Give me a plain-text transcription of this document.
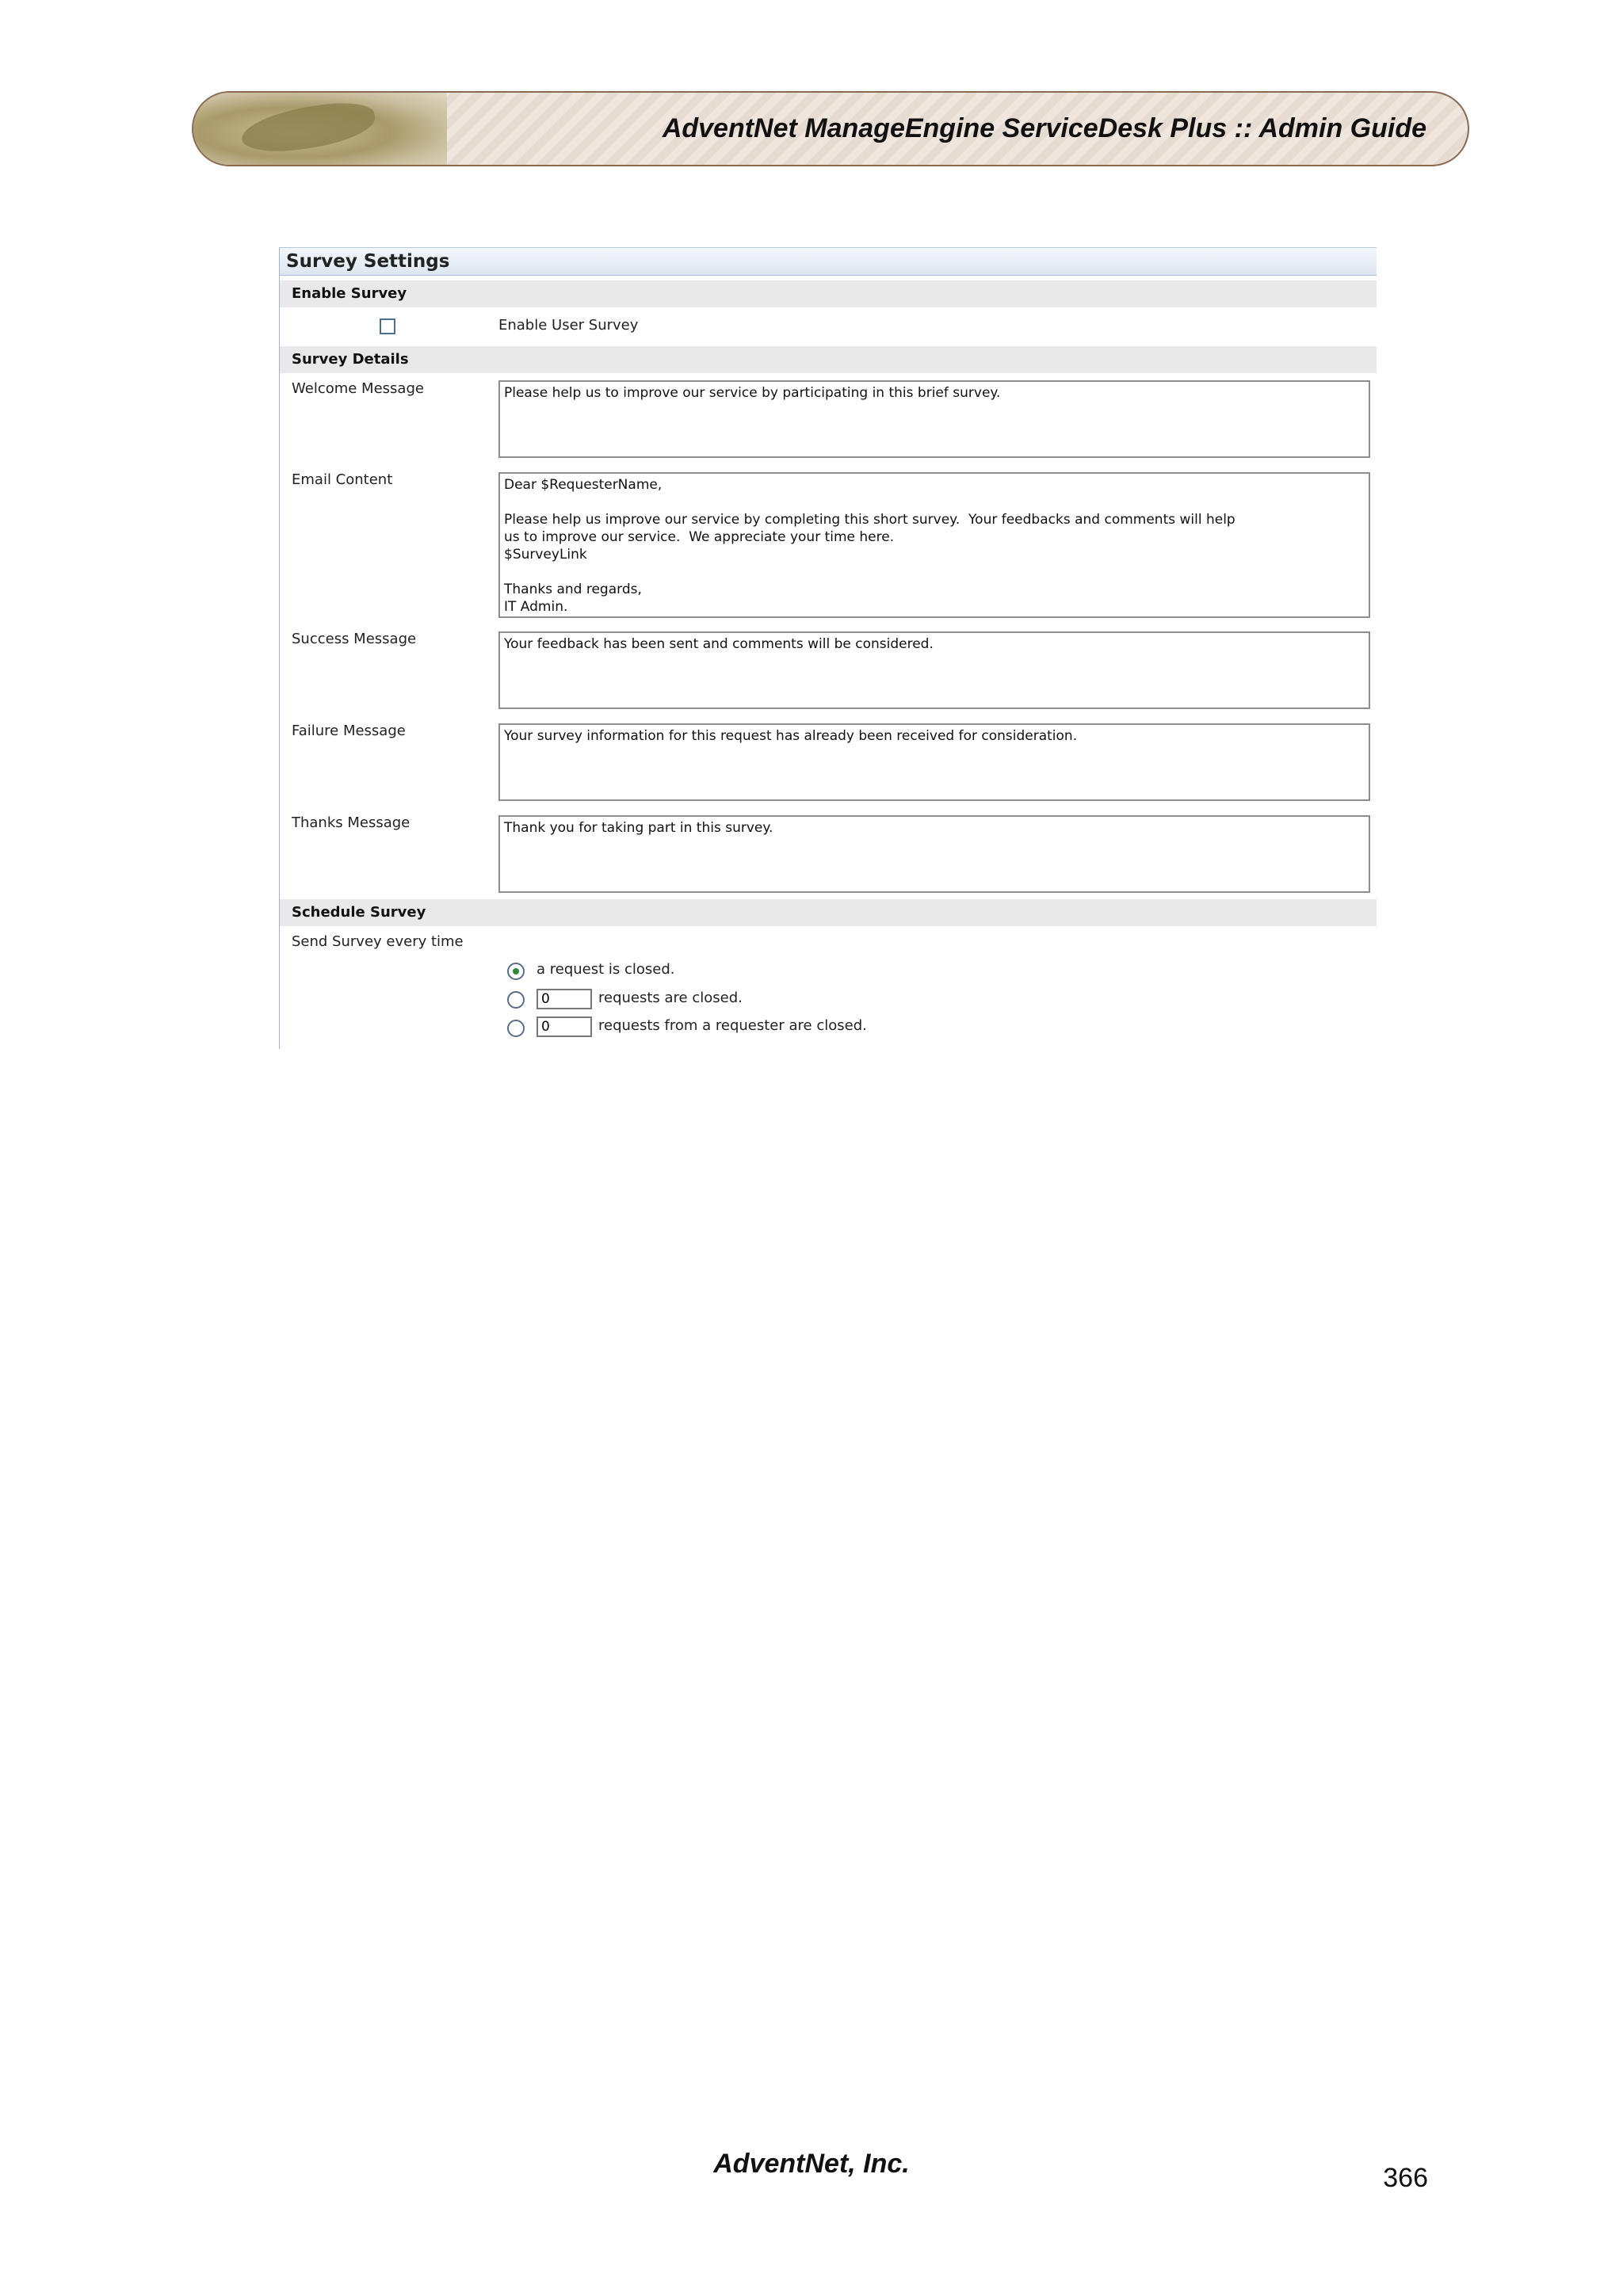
AdventNet ManageEngine ServiceDesk Plus :: Admin Guide
Survey Settings
Enable Survey
Enable User Survey
Survey Details
Welcome Message	Please help us to improve our service by participating in this brief survey.
Email Content	Dear $RequesterName,

Please help us improve our service by completing this short survey.  Your feedbacks and comments will help
us to improve our service.  We appreciate your time here.
$SurveyLink

Thanks and regards,
IT Admin.
Success Message	Your feedback has been sent and comments will be considered.
Failure Message	Your survey information for this request has already been received for consideration.
Thanks Message	Thank you for taking part in this survey.
Schedule Survey
Send Survey every time
a request is closed.
0	requests are closed.
0	requests from a requester are closed.
AdventNet, Inc.	366
